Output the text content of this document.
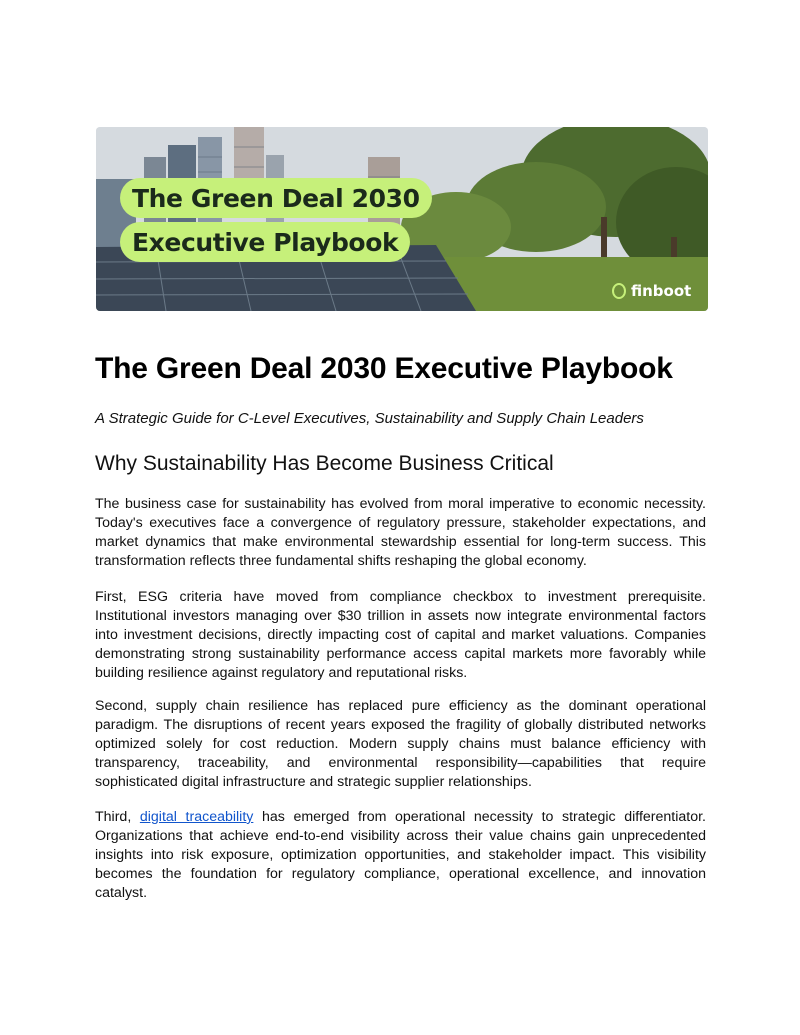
The Green Deal 2030
Executive Playbook
finboot
The Green Deal 2030 Executive Playbook

A Strategic Guide for C-Level Executives, Sustainability and Supply Chain Leaders

Why Sustainability Has Become Business Critical

The business case for sustainability has evolved from moral imperative to economic necessity. Today's executives face a convergence of regulatory pressure, stakeholder expectations, and market dynamics that make environmental stewardship essential for long-term success. This transformation reflects three fundamental shifts reshaping the global economy.

First, ESG criteria have moved from compliance checkbox to investment prerequisite. Institutional investors managing over $30 trillion in assets now integrate environmental factors into investment decisions, directly impacting cost of capital and market valuations. Companies demonstrating strong sustainability performance access capital markets more favorably while building resilience against regulatory and reputational risks.

Second, supply chain resilience has replaced pure efficiency as the dominant operational paradigm. The disruptions of recent years exposed the fragility of globally distributed networks optimized solely for cost reduction. Modern supply chains must balance efficiency with transparency, traceability, and environmental responsibility—capabilities that require sophisticated digital infrastructure and strategic supplier relationships.

Third, digital traceability has emerged from operational necessity to strategic differentiator. Organizations that achieve end-to-end visibility across their value chains gain unprecedented insights into risk exposure, optimization opportunities, and stakeholder impact. This visibility becomes the foundation for regulatory compliance, operational excellence, and innovation catalyst.
